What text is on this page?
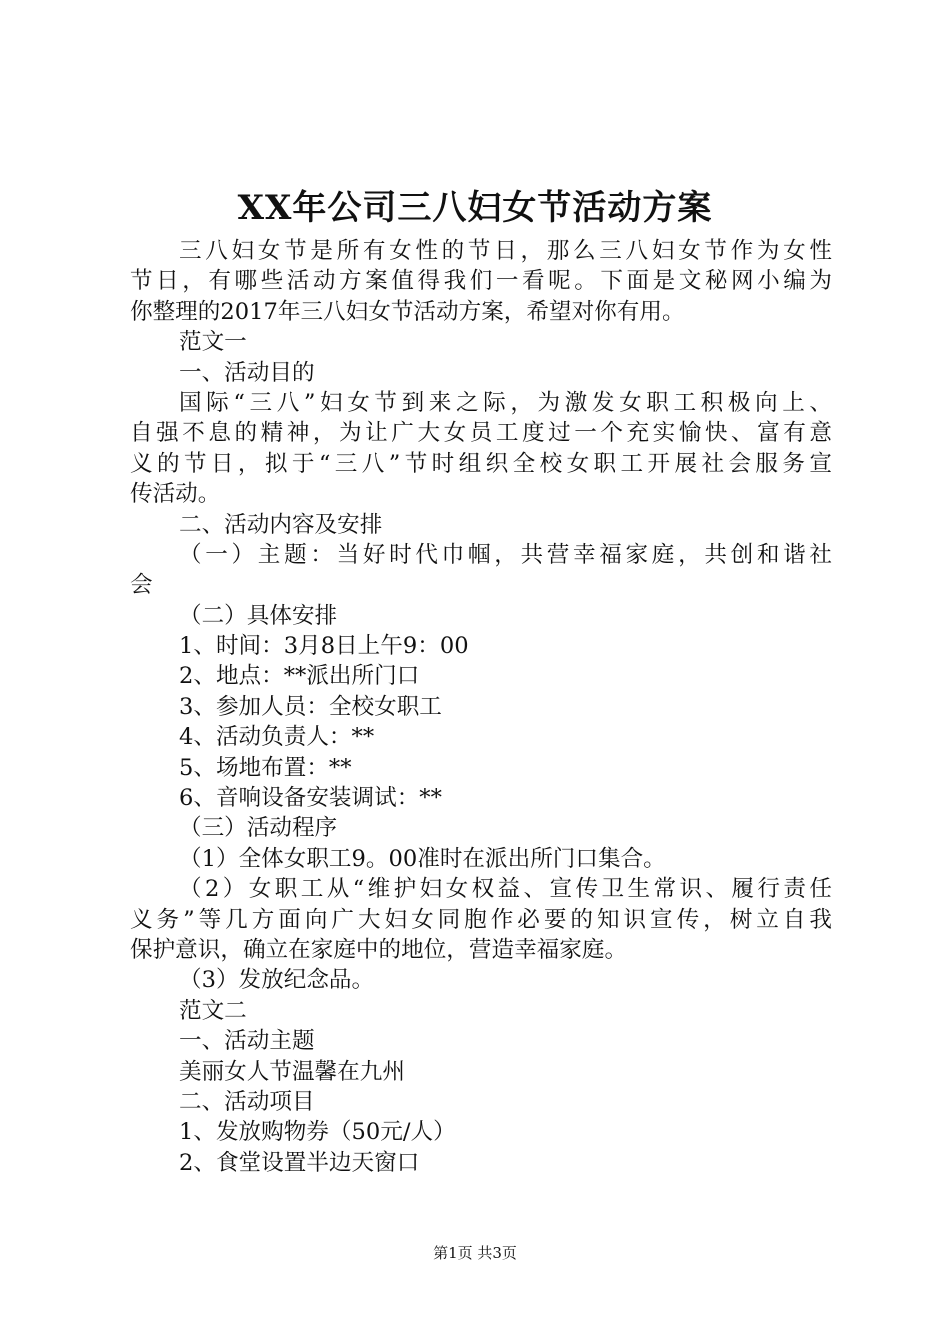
XX年公司三八妇女节活动方案
三八妇女节是所有女性的节日，那么三八妇女节作为女性
节日，有哪些活动方案值得我们一看呢。下面是文秘网小编为
你整理的2017年三八妇女节活动方案，希望对你有用。
范文一
一、活动目的
国际“三八”妇女节到来之际，为激发女职工积极向上、
自强不息的精神，为让广大女员工度过一个充实愉快、富有意
义的节日，拟于“三八”节时组织全校女职工开展社会服务宣
传活动。
二、活动内容及安排
（一）主题：当好时代巾帼，共营幸福家庭，共创和谐社
会
（二）具体安排
1、时间：3月8日上午9：00
2、地点：**派出所门口
3、参加人员：全校女职工
4、活动负责人：**
5、场地布置：**
6、音响设备安装调试：**
（三）活动程序
（1）全体女职工9。00准时在派出所门口集合。
（2）女职工从“维护妇女权益、宣传卫生常识、履行责任
义务”等几方面向广大妇女同胞作必要的知识宣传，树立自我
保护意识，确立在家庭中的地位，营造幸福家庭。
（3）发放纪念品。
范文二
一、活动主题
美丽女人节温馨在九州
二、活动项目
1、发放购物券（50元/人）
2、食堂设置半边天窗口
第1页 共3页
